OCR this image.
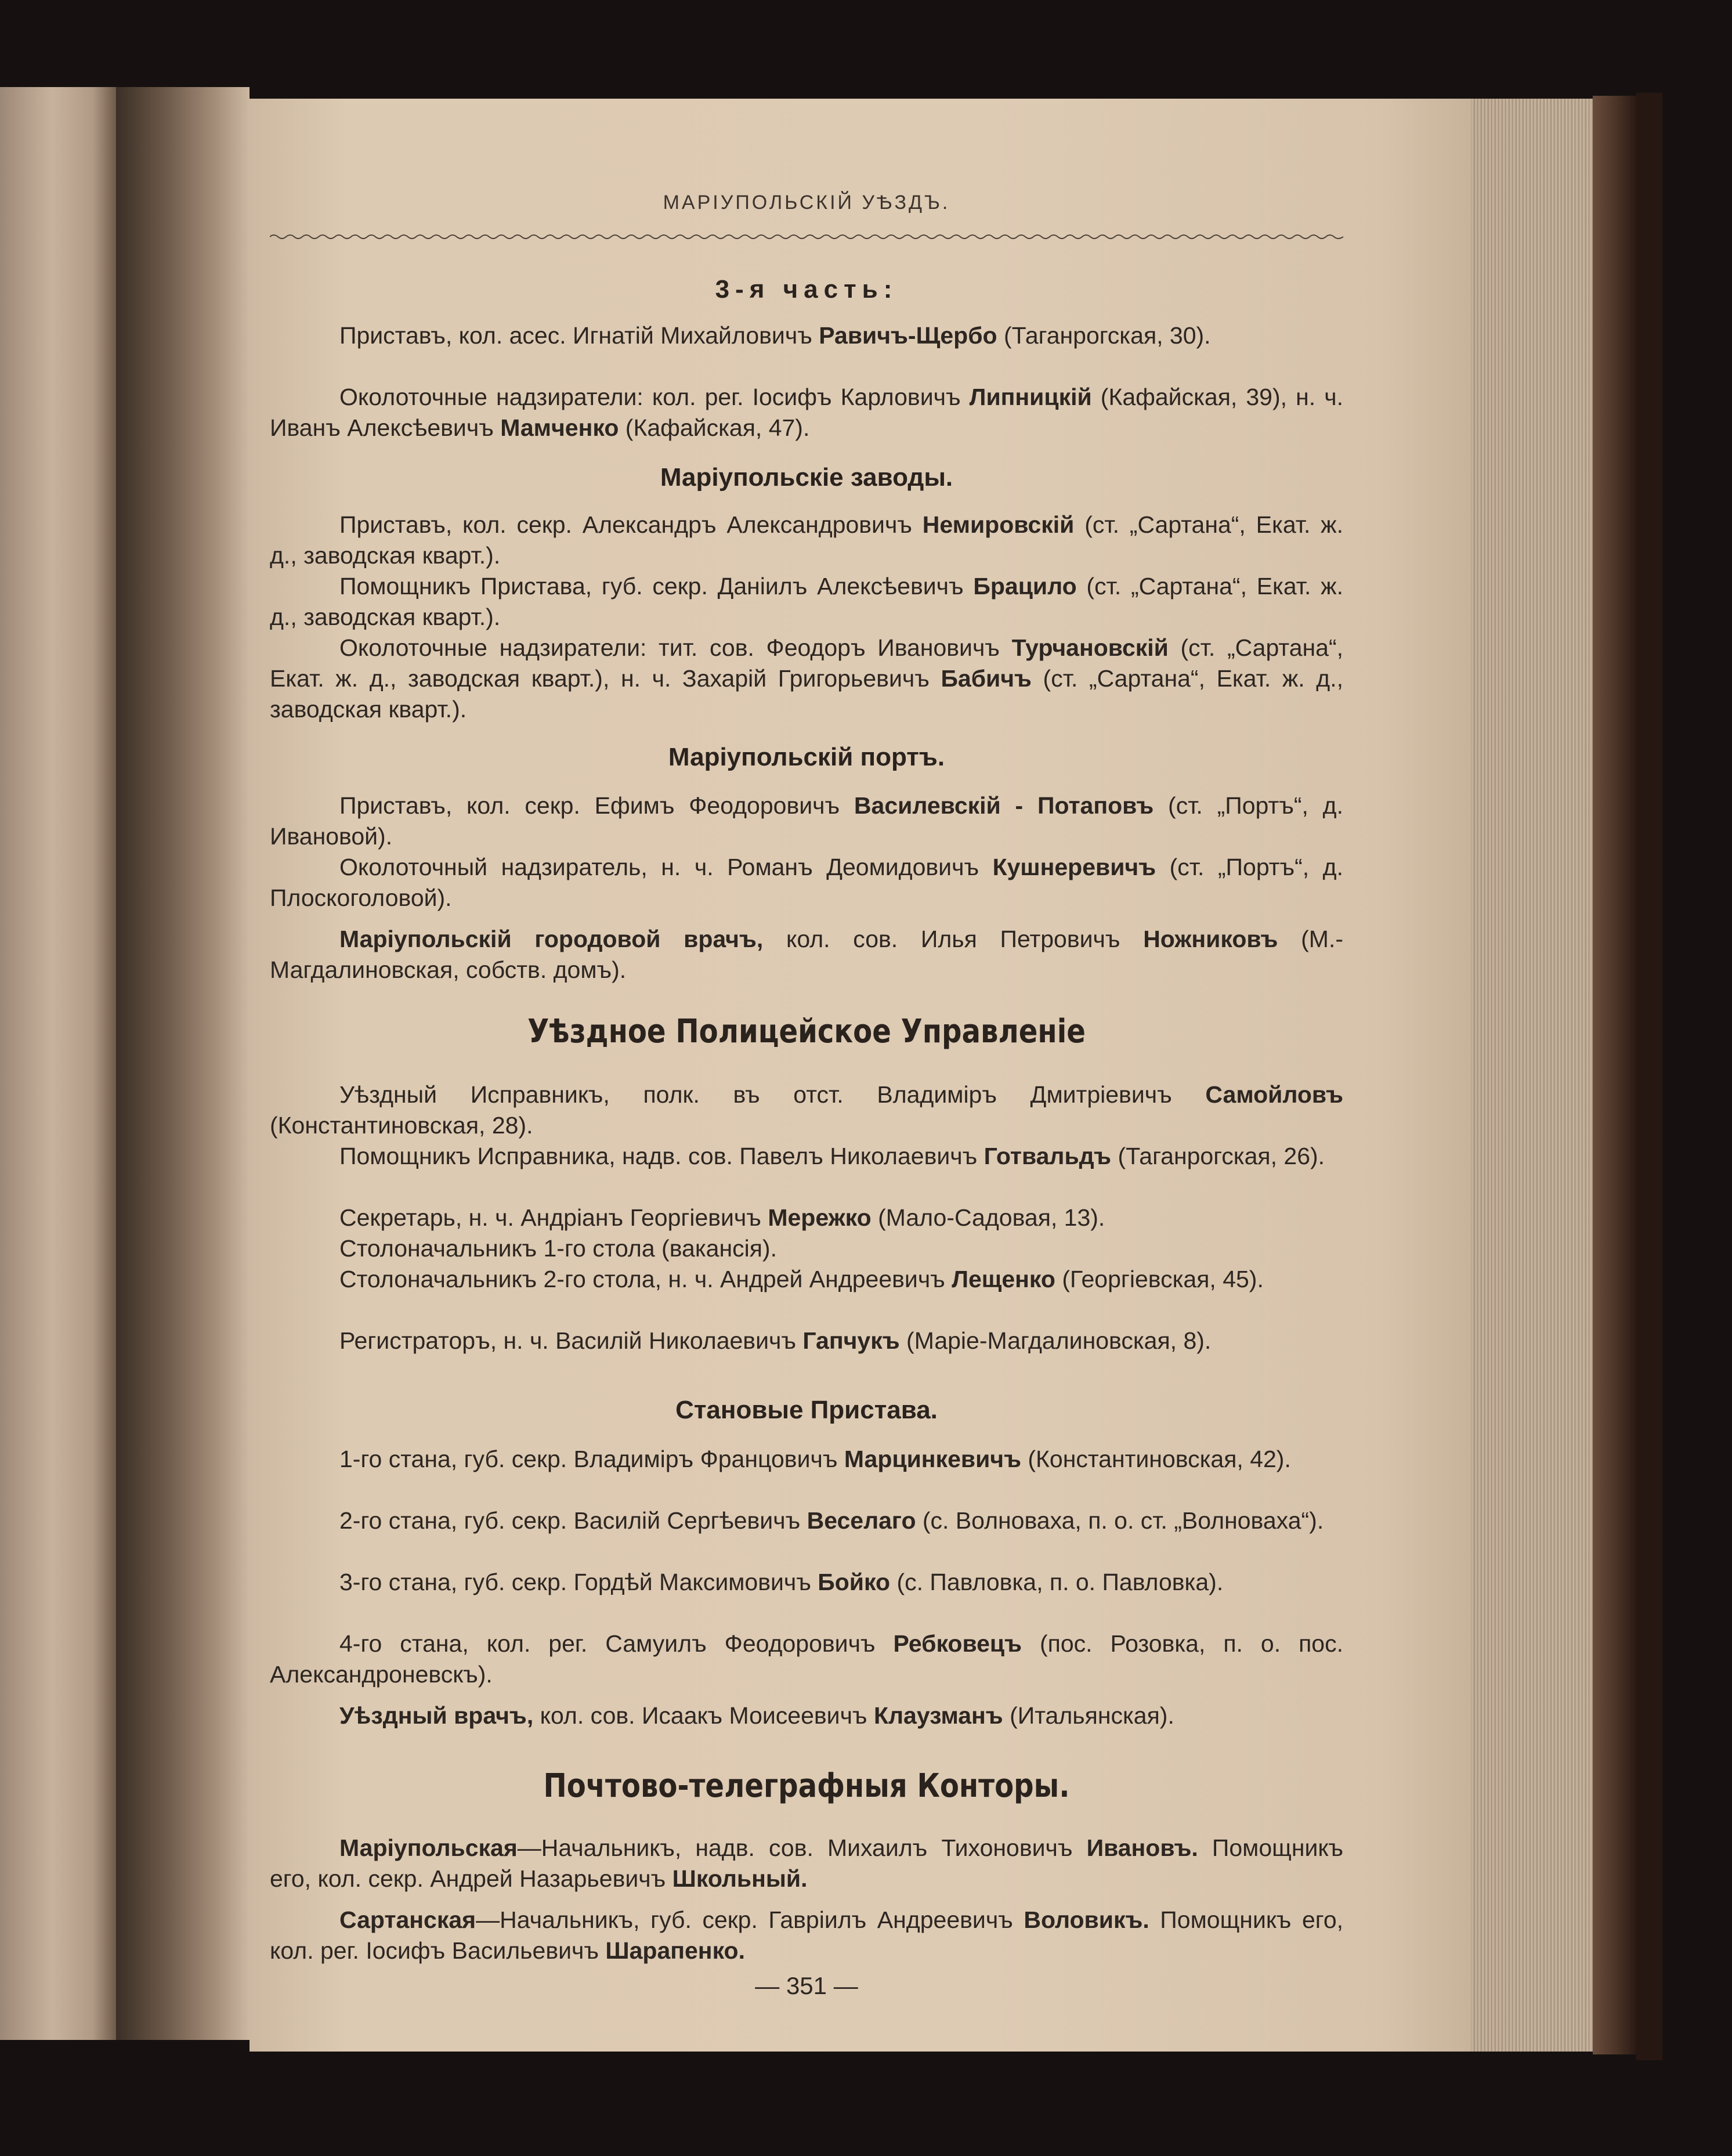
МАРІУПОЛЬСКІЙ УѢЗДЪ.
3-я часть:
Приставъ, кол. асес. Игнатій Михайловичъ Равичъ-Щербо (Таганрогская, 30).
Околоточные надзиратели: кол. рег. Іосифъ Карловичъ Липницкій (Кафайская, 39), н. ч. Иванъ Алексѣевичъ Мамченко (Кафайская, 47).
Маріупольскіе заводы.
Приставъ, кол. секр. Александръ Александровичъ Немировскій (ст. „Сартана“, Екат. ж. д., заводская кварт.).
Помощникъ Пристава, губ. секр. Даніилъ Алексѣевичъ Брацило (ст. „Сартана“, Екат. ж. д., заводская кварт.).
Околоточные надзиратели: тит. сов. Феодоръ Ивановичъ Турчановскій (ст. „Сартана“, Екат. ж. д., заводская кварт.), н. ч. Захарій Григорьевичъ Бабичъ (ст. „Сартана“, Екат. ж. д., заводская кварт.).
Маріупольскій портъ.
Приставъ, кол. секр. Ефимъ Феодоровичъ Василевскій - Потаповъ (ст. „Портъ“, д. Ивановой).
Околоточный надзиратель, н. ч. Романъ Деомидовичъ Кушнеревичъ (ст. „Портъ“, д. Плоскоголовой).
Маріупольскій городовой врачъ, кол. сов. Илья Петровичъ Ножниковъ (М.-Магдалиновская, собств. домъ).
Уѣздное Полицейское Управленіе
Уѣздный Исправникъ, полк. въ отст. Владиміръ Дмитріевичъ Самойловъ (Константиновская, 28).
Помощникъ Исправника, надв. сов. Павелъ Николаевичъ Готвальдъ (Таганрогская, 26).
Секретарь, н. ч. Андріанъ Георгіевичъ Мережко (Мало-Садовая, 13).
Столоначальникъ 1-го стола (вакансія).
Столоначальникъ 2-го стола, н. ч. Андрей Андреевичъ Лещенко (Георгіевская, 45).
Регистраторъ, н. ч. Василій Николаевичъ Гапчукъ (Маріе-Магдалиновская, 8).
Становые Пристава.
1-го стана, губ. секр. Владиміръ Францовичъ Марцинкевичъ (Константиновская, 42).
2-го стана, губ. секр. Василій Сергѣевичъ Веселаго (с. Волноваха, п. о. ст. „Волноваха“).
3-го стана, губ. секр. Гордѣй Максимовичъ Бойко (с. Павловка, п. о. Павловка).
4-го стана, кол. рег. Самуилъ Феодоровичъ Ребковецъ (пос. Розовка, п. о. пос. Александроневскъ).
Уѣздный врачъ, кол. сов. Исаакъ Моисеевичъ Клаузманъ (Итальянская).
Почтово-телеграфныя Конторы.
Маріупольская—Начальникъ, надв. сов. Михаилъ Тихоновичъ Ивановъ. Помощникъ его, кол. секр. Андрей Назарьевичъ Школьный.
Сартанская—Начальникъ, губ. секр. Гавріилъ Андреевичъ Воловикъ. Помощникъ его, кол. рег. Іосифъ Васильевичъ Шарапенко.
— 351 —
